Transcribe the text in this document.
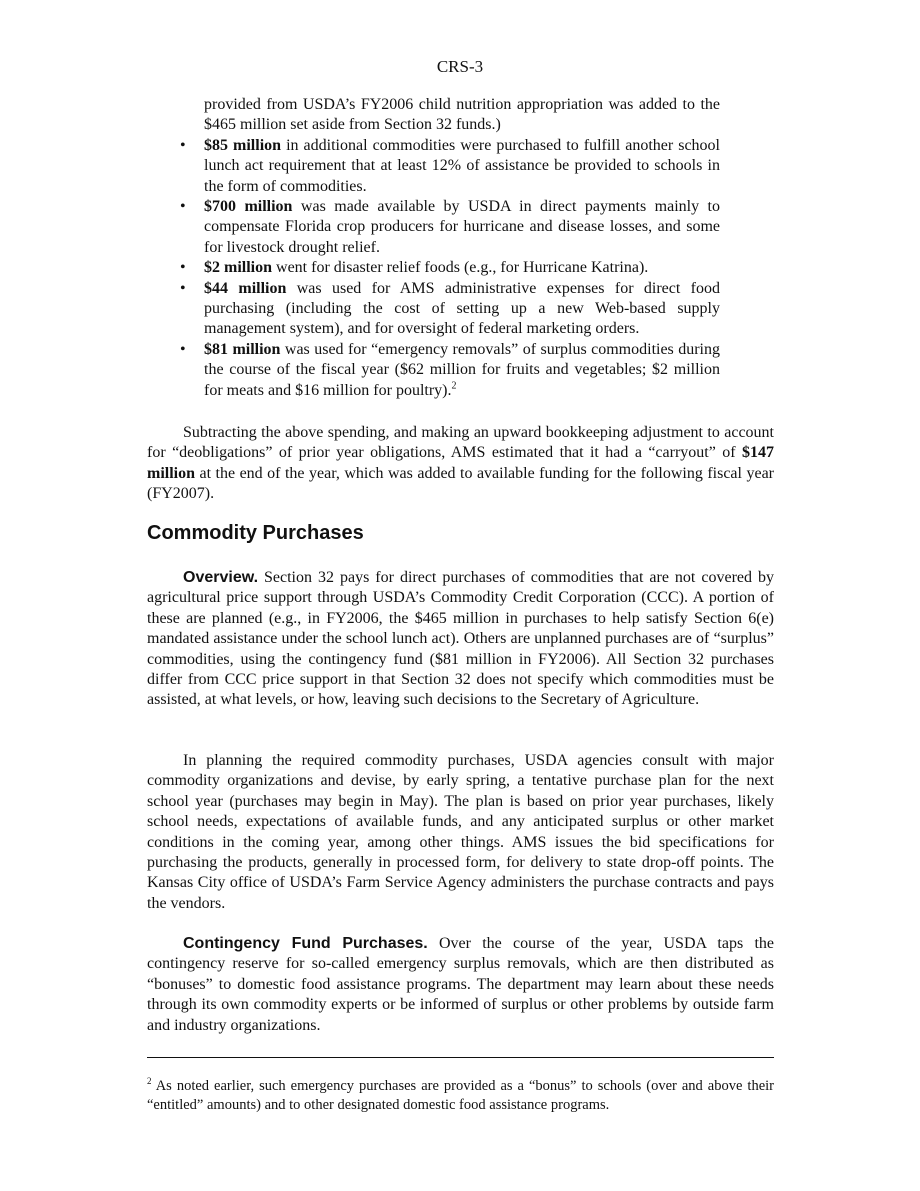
CRS-3

provided from USDA’s FY2006 child nutrition appropriation was added to the $465 million set aside from Section 32 funds.)

• $85 million in additional commodities were purchased to fulfill another school lunch act requirement that at least 12% of assistance be provided to schools in the form of commodities.
• $700 million was made available by USDA in direct payments mainly to compensate Florida crop producers for hurricane and disease losses, and some for livestock drought relief.
• $2 million went for disaster relief foods (e.g., for Hurricane Katrina).
• $44 million was used for AMS administrative expenses for direct food purchasing (including the cost of setting up a new Web-based supply management system), and for oversight of federal marketing orders.
• $81 million was used for “emergency removals” of surplus commodities during the course of the fiscal year ($62 million for fruits and vegetables; $2 million for meats and $16 million for poultry).$^2$

Subtracting the above spending, and making an upward bookkeeping adjustment to account for “deobligations” of prior year obligations, AMS estimated that it had a “carryout” of $147 million at the end of the year, which was added to available funding for the following fiscal year (FY2007).

Commodity Purchases

Overview. Section 32 pays for direct purchases of commodities that are not covered by agricultural price support through USDA’s Commodity Credit Corporation (CCC). A portion of these are planned (e.g., in FY2006, the $465 million in purchases to help satisfy Section 6(e) mandated assistance under the school lunch act). Others are unplanned purchases are of “surplus” commodities, using the contingency fund ($81 million in FY2006). All Section 32 purchases differ from CCC price support in that Section 32 does not specify which commodities must be assisted, at what levels, or how, leaving such decisions to the Secretary of Agriculture.

In planning the required commodity purchases, USDA agencies consult with major commodity organizations and devise, by early spring, a tentative purchase plan for the next school year (purchases may begin in May). The plan is based on prior year purchases, likely school needs, expectations of available funds, and any anticipated surplus or other market conditions in the coming year, among other things. AMS issues the bid specifications for purchasing the products, generally in processed form, for delivery to state drop-off points. The Kansas City office of USDA’s Farm Service Agency administers the purchase contracts and pays the vendors.

Contingency Fund Purchases. Over the course of the year, USDA taps the contingency reserve for so-called emergency surplus removals, which are then distributed as “bonuses” to domestic food assistance programs. The department may learn about these needs through its own commodity experts or be informed of surplus or other problems by outside farm and industry organizations.

$^2$ As noted earlier, such emergency purchases are provided as a “bonus” to schools (over and above their “entitled” amounts) and to other designated domestic food assistance programs.
